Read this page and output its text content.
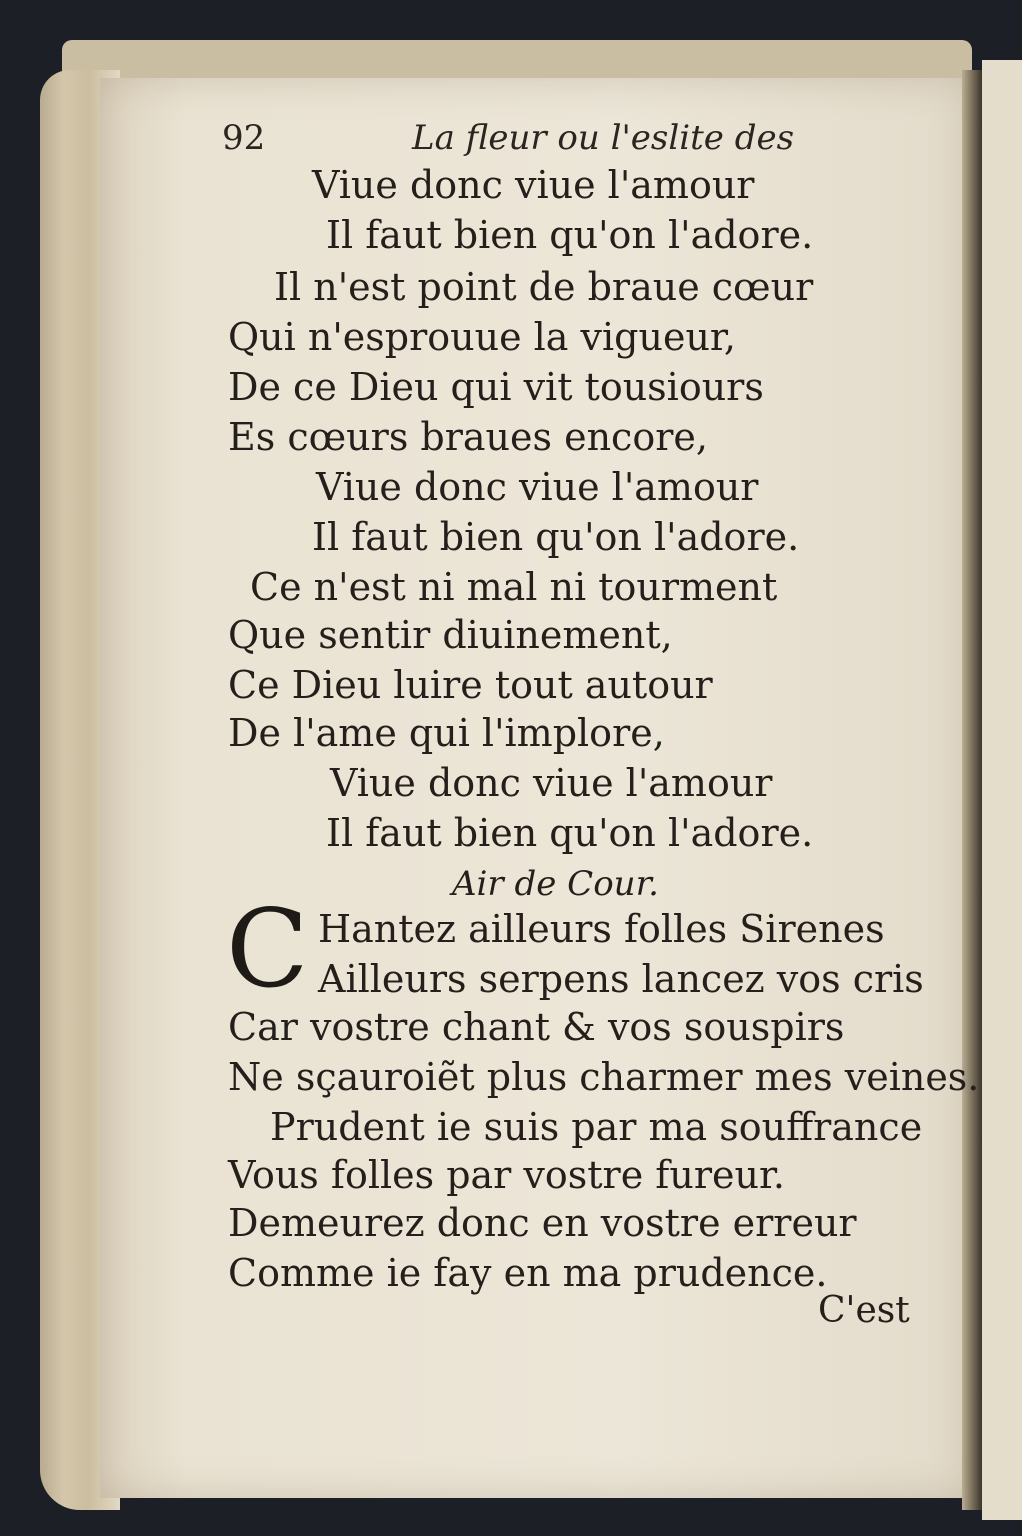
92	La fleur ou l'eslite des
Viue donc viue l'amour
Il faut bien qu'on l'adore.
Il n'est point de braue cœur
Qui n'esprouue la vigueur,
De ce Dieu qui vit tousiours
Es cœurs braues encore,
Viue donc viue l'amour
Il faut bien qu'on l'adore.
Ce n'est ni mal ni tourment
Que sentir diuinement,
Ce Dieu luire tout autour
De l'ame qui l'implore,
Viue donc viue l'amour
Il faut bien qu'on l'adore.
Air de Cour.
C Hantez ailleurs folles Sirenes
Ailleurs serpens lancez vos cris
Car vostre chant & vos souspirs
Ne sçauroiẽt plus charmer mes veines.
Prudent ie suis par ma souffrance
Vous folles par vostre fureur.
Demeurez donc en vostre erreur
Comme ie fay en ma prudence.
C'est
